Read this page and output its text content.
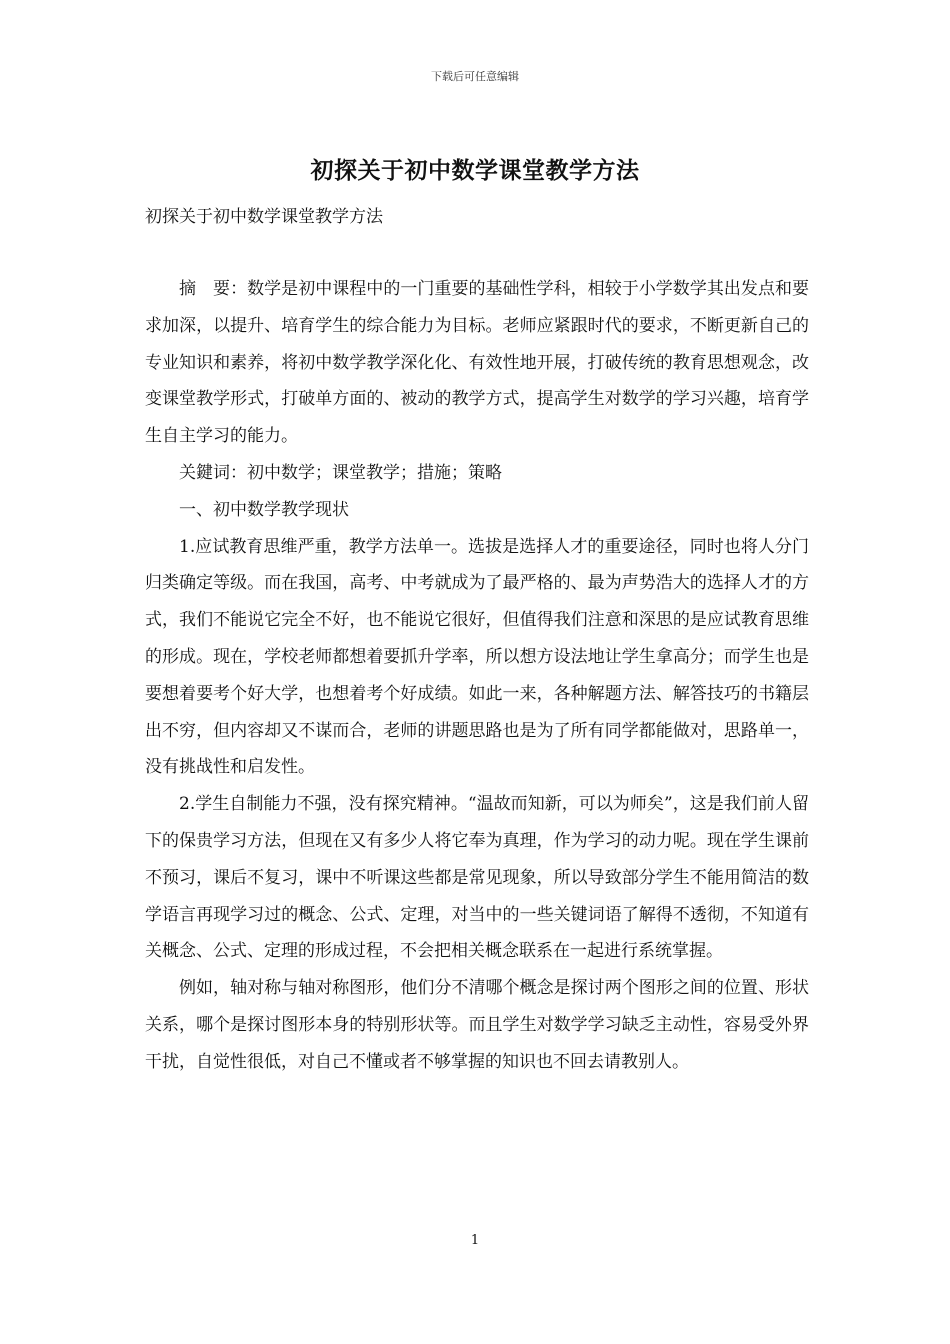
下载后可任意编辑
初探关于初中数学课堂教学方法
初探关于初中数学课堂教学方法

摘　要：数学是初中课程中的一门重要的基础性学科，相较于小学数学其出发点和要求加深，以提升、培育学生的综合能力为目标。老师应紧跟时代的要求，不断更新自己的专业知识和素养，将初中数学教学深化化、有效性地开展，打破传统的教育思想观念，改变课堂教学形式，打破单方面的、被动的教学方式，提高学生对数学的学习兴趣，培育学生自主学习的能力。

关鍵词：初中数学；课堂教学；措施；策略

一、初中数学教学现状

1.应试教育思维严重，教学方法单一。选拔是选择人才的重要途径，同时也将人分门归类确定等级。而在我国，高考、中考就成为了最严格的、最为声势浩大的选择人才的方式，我们不能说它完全不好，也不能说它很好，但值得我们注意和深思的是应试教育思维的形成。现在，学校老师都想着要抓升学率，所以想方设法地让学生拿高分；而学生也是要想着要考个好大学，也想着考个好成绩。如此一来，各种解题方法、解答技巧的书籍层出不穷，但内容却又不谋而合，老师的讲题思路也是为了所有同学都能做对，思路单一，没有挑战性和启发性。

2.学生自制能力不强，没有探究精神。“温故而知新，可以为师矣”，这是我们前人留下的保贵学习方法，但现在又有多少人将它奉为真理，作为学习的动力呢。现在学生课前不预习，课后不复习，课中不听课这些都是常见现象，所以导致部分学生不能用简洁的数学语言再现学习过的概念、公式、定理，对当中的一些关键词语了解得不透彻，不知道有关概念、公式、定理的形成过程，不会把相关概念联系在一起进行系统掌握。

例如，轴对称与轴对称图形，他们分不清哪个概念是探讨两个图形之间的位置、形状关系，哪个是探讨图形本身的特别形状等。而且学生对数学学习缺乏主动性，容易受外界干扰，自觉性很低，对自己不懂或者不够掌握的知识也不回去请教别人。

1
